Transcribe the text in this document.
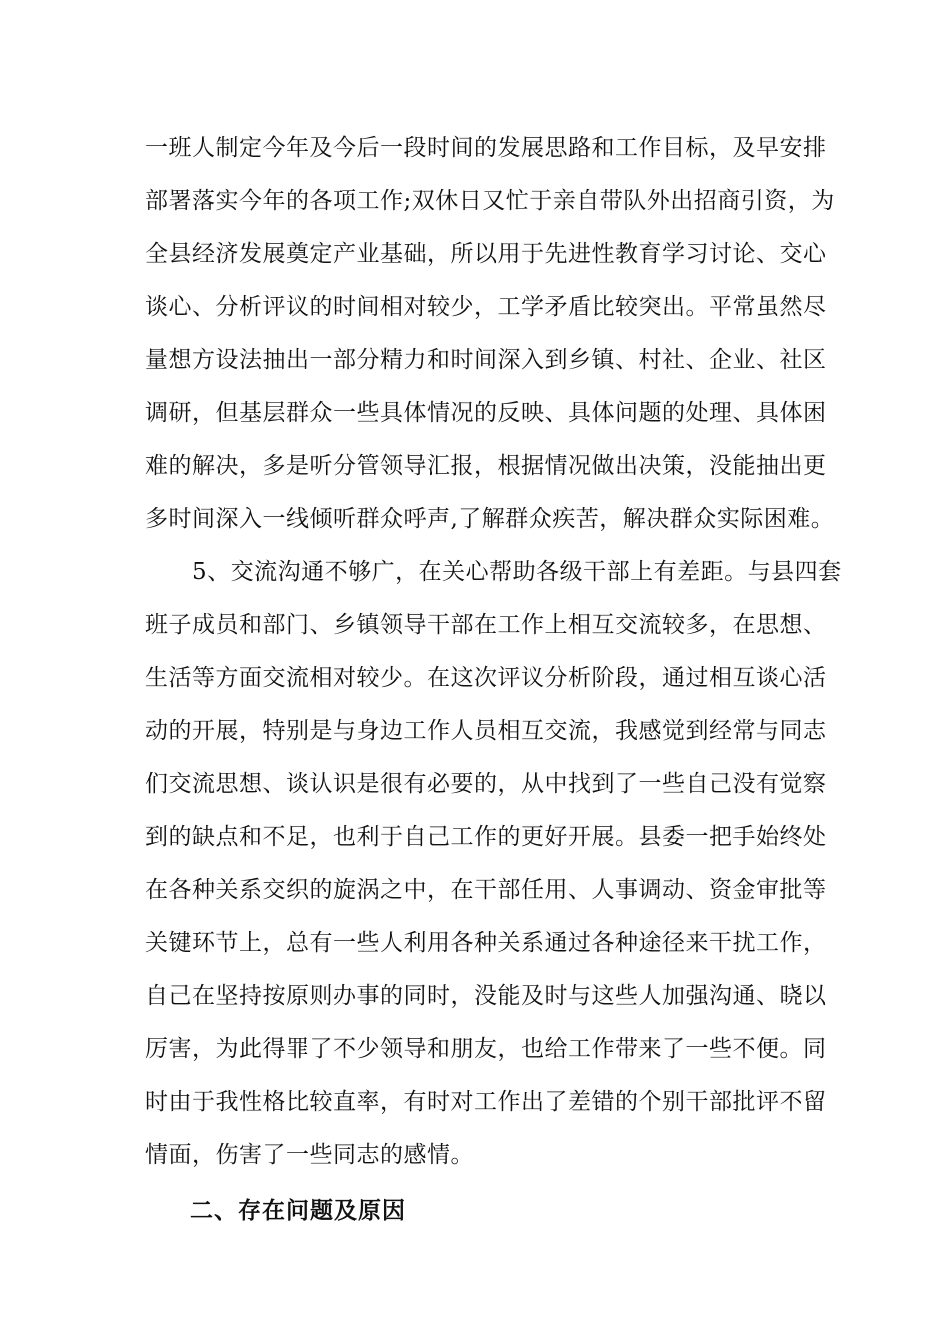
一班人制定今年及今后一段时间的发展思路和工作目标，及早安排
部署落实今年的各项工作;双休日又忙于亲自带队外出招商引资，为
全县经济发展奠定产业基础，所以用于先进性教育学习讨论、交心
谈心、分析评议的时间相对较少，工学矛盾比较突出。平常虽然尽
量想方设法抽出一部分精力和时间深入到乡镇、村社、企业、社区
调研，但基层群众一些具体情况的反映、具体问题的处理、具体困
难的解决，多是听分管领导汇报，根据情况做出决策，没能抽出更
多时间深入一线倾听群众呼声,了解群众疾苦，解决群众实际困难。
5、交流沟通不够广，在关心帮助各级干部上有差距。与县四套
班子成员和部门、乡镇领导干部在工作上相互交流较多，在思想、
生活等方面交流相对较少。在这次评议分析阶段，通过相互谈心活
动的开展，特别是与身边工作人员相互交流，我感觉到经常与同志
们交流思想、谈认识是很有必要的，从中找到了一些自己没有觉察
到的缺点和不足，也利于自己工作的更好开展。县委一把手始终处
在各种关系交织的旋涡之中，在干部任用、人事调动、资金审批等
关键环节上，总有一些人利用各种关系通过各种途径来干扰工作，
自己在坚持按原则办事的同时，没能及时与这些人加强沟通、晓以
厉害，为此得罪了不少领导和朋友，也给工作带来了一些不便。同
时由于我性格比较直率，有时对工作出了差错的个别干部批评不留
情面，伤害了一些同志的感情。
二、存在问题及原因
